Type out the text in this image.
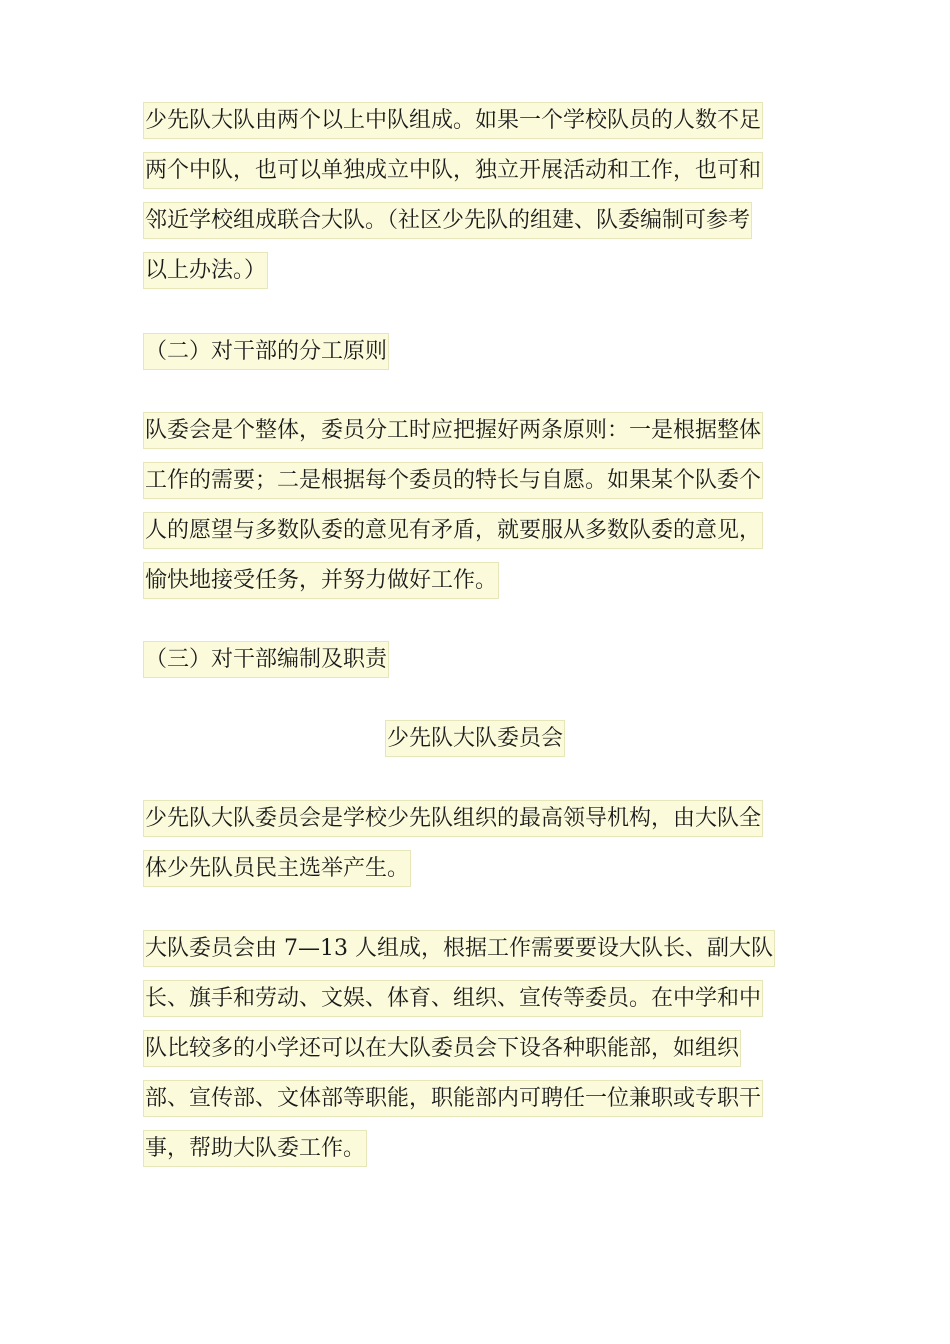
少先队大队由两个以上中队组成。如果一个学校队员的人数不足
两个中队，也可以单独成立中队，独立开展活动和工作，也可和
邻近学校组成联合大队。（社区少先队的组建、队委编制可参考
以上办法。）
（二）对干部的分工原则
队委会是个整体，委员分工时应把握好两条原则：一是根据整体
工作的需要；二是根据每个委员的特长与自愿。如果某个队委个
人的愿望与多数队委的意见有矛盾，就要服从多数队委的意见，
愉快地接受任务，并努力做好工作。
（三）对干部编制及职责
少先队大队委员会
少先队大队委员会是学校少先队组织的最高领导机构，由大队全
体少先队员民主选举产生。
大队委员会由 7—13 人组成，根据工作需要要设大队长、副大队
长、旗手和劳动、文娱、体育、组织、宣传等委员。在中学和中
队比较多的小学还可以在大队委员会下设各种职能部，如组织
部、宣传部、文体部等职能，职能部内可聘任一位兼职或专职干
事，帮助大队委工作。
